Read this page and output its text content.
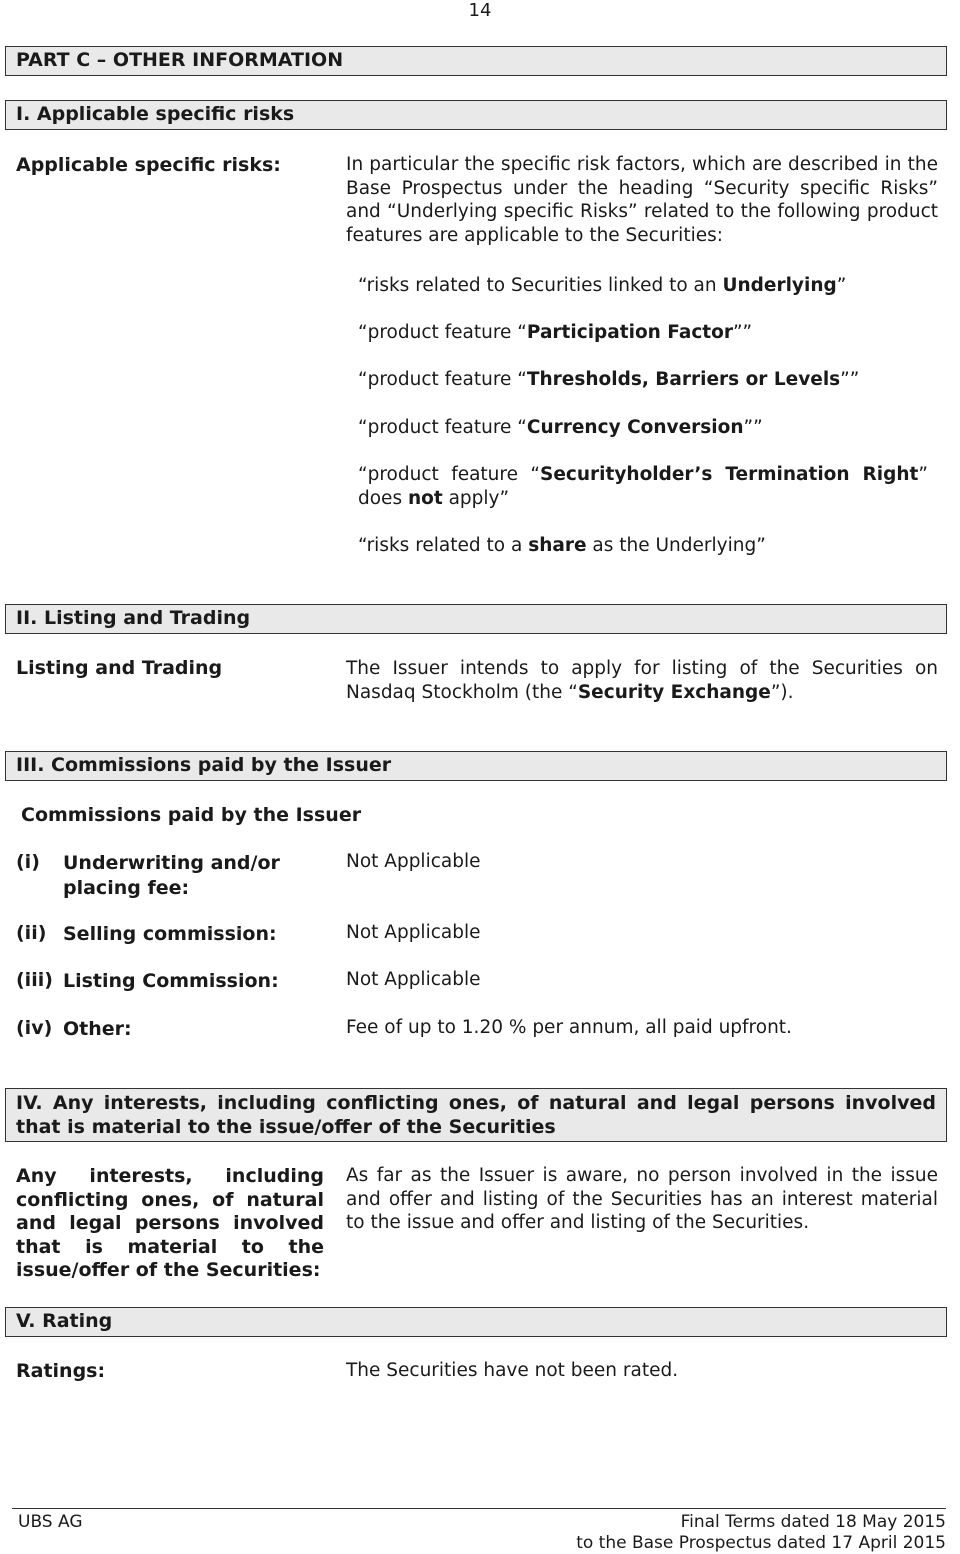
14
PART C – OTHER INFORMATION
I. Applicable specific risks
Applicable specific risks:	In particular the specific risk factors, which are described in the Base Prospectus under the heading “Security specific Risks” and “Underlying specific Risks” related to the following product features are applicable to the Securities:
“risks related to Securities linked to an Underlying”
“product feature “Participation Factor””
“product feature “Thresholds, Barriers or Levels””
“product feature “Currency Conversion””
“product feature “Securityholder’s Termination Right” does not apply”
“risks related to a share as the Underlying”
II. Listing and Trading
Listing and Trading	The Issuer intends to apply for listing of the Securities on Nasdaq Stockholm (the “Security Exchange”).
III. Commissions paid by the Issuer
Commissions paid by the Issuer
(i) Underwriting and/or placing fee:
Not Applicable
(ii) Selling commission:	Not Applicable
(iii) Listing Commission:	Not Applicable
(iv) Other:	Fee of up to 1.20 % per annum, all paid upfront.
IV. Any interests, including conflicting ones, of natural and legal persons involved that is material to the issue/offer of the Securities
Any interests, including conflicting ones, of natural and legal persons involved that is material to the issue/offer of the Securities:
As far as the Issuer is aware, no person involved in the issue and offer and listing of the Securities has an interest material to the issue and offer and listing of the Securities.
V. Rating
Ratings:	The Securities have not been rated.
UBS AG	Final Terms dated 18 May 2015
to the Base Prospectus dated 17 April 2015
